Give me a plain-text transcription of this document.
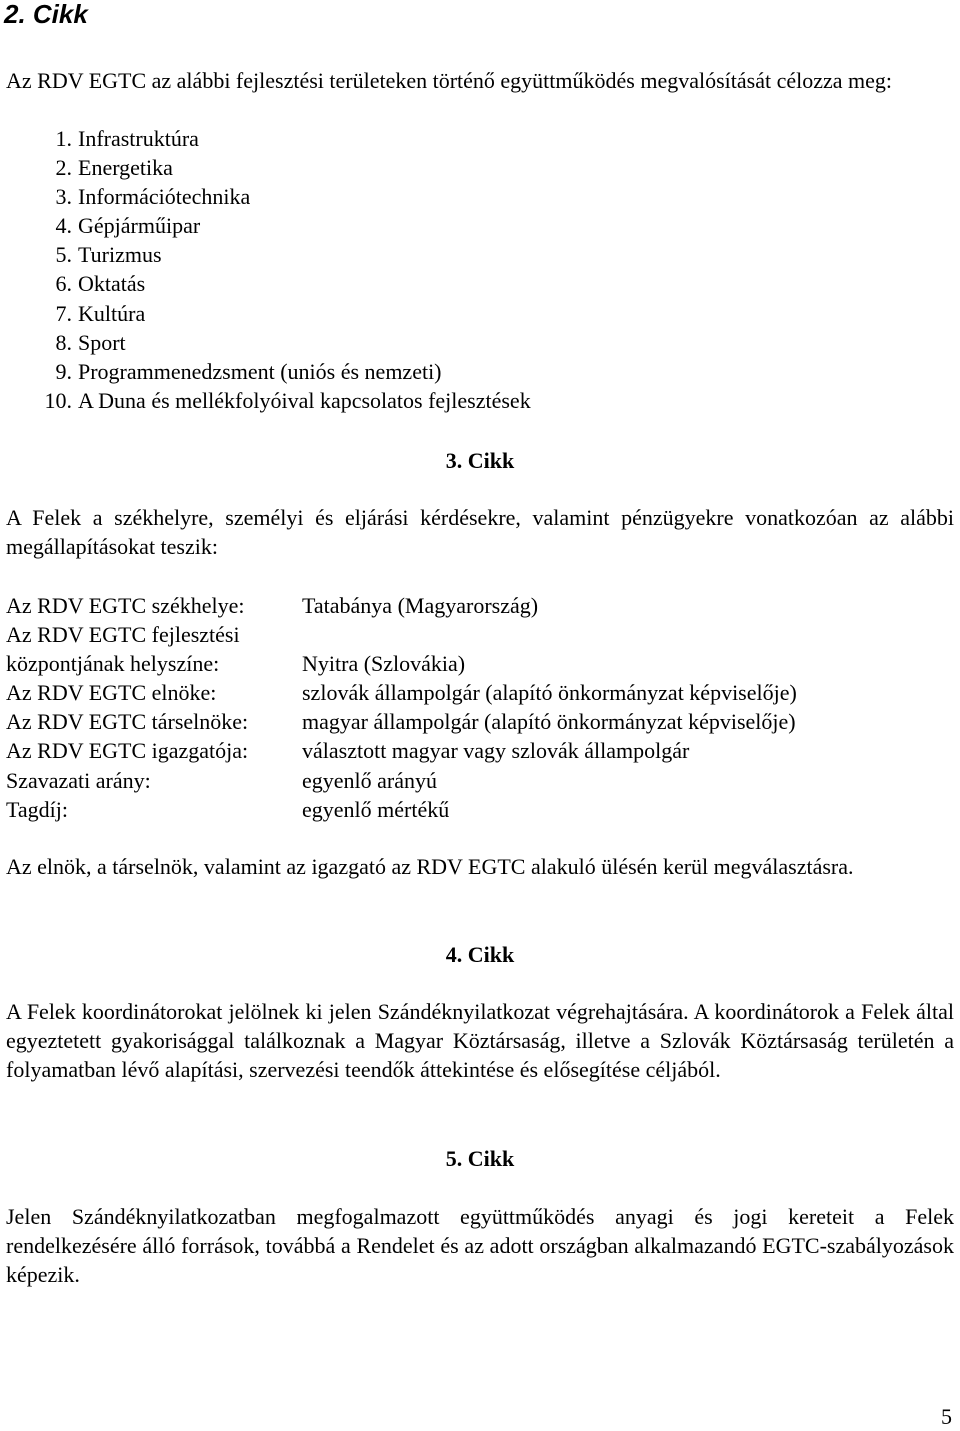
2. Cikk

Az RDV EGTC az alábbi fejlesztési területeken történő együttműködés megvalósítását célozza meg:

1. Infrastruktúra
2. Energetika
3. Információtechnika
4. Gépjárműipar
5. Turizmus
6. Oktatás
7. Kultúra
8. Sport
9. Programmenedzsment (uniós és nemzeti)
10. A Duna és mellékfolyóival kapcsolatos fejlesztések

3. Cikk

A Felek a székhelyre, személyi és eljárási kérdésekre, valamint pénzügyekre vonatkozóan az alábbi megállapításokat teszik:

Az RDV EGTC székhelye:	Tatabánya (Magyarország)
Az RDV EGTC fejlesztési
központjának helyszíne:	Nyitra (Szlovákia)
Az RDV EGTC elnöke:	szlovák állampolgár (alapító önkormányzat képviselője)
Az RDV EGTC társelnöke:	magyar állampolgár (alapító önkormányzat képviselője)
Az RDV EGTC igazgatója:	választott magyar vagy szlovák állampolgár
Szavazati arány:	egyenlő arányú
Tagdíj:	egyenlő mértékű

Az elnök, a társelnök, valamint az igazgató az RDV EGTC alakuló ülésén kerül megválasztásra.

4. Cikk

A Felek koordinátorokat jelölnek ki jelen Szándéknyilatkozat végrehajtására. A koordinátorok a Felek által egyeztetett gyakorisággal találkoznak a Magyar Köztársaság, illetve a Szlovák Köztársaság területén a folyamatban lévő alapítási, szervezési teendők áttekintése és elősegítése céljából.

5. Cikk

Jelen Szándéknyilatkozatban megfogalmazott együttműködés anyagi és jogi kereteit a Felek rendelkezésére álló források, továbbá a Rendelet és az adott országban alkalmazandó EGTC-szabályozások képezik.

5
